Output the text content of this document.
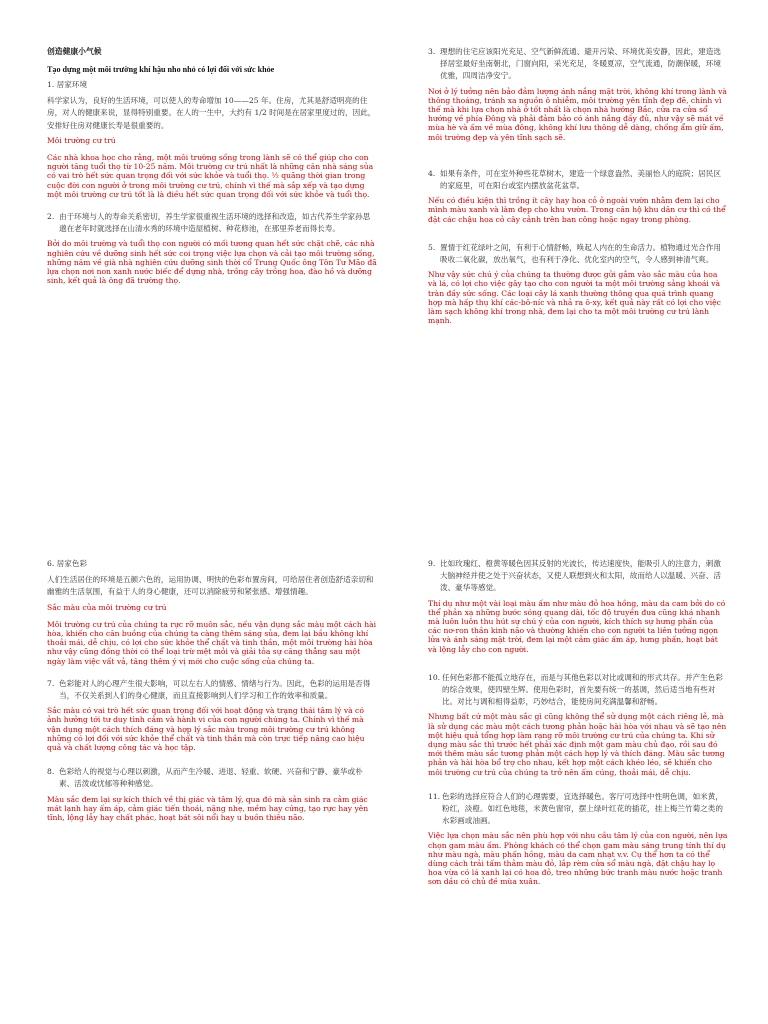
创造健康小气候

Tạo dựng một môi trường khí hậu nho nhỏ có lợi đối với sức khỏe

1. 居家环境

科学家认为，良好的生活环境，可以使人的寿命增加 10——25 年。住房，尤其是舒适明亮的住房，对人的健康来说，显得特别重要。在人的一生中，大约有 1/2 时间是在居家里度过的，因此，安排好住房对健康长寿是很重要的。

Môi trường cư trú

Các nhà khoa học cho rằng, một môi trường sống trong lành sẽ có thể giúp cho con người tăng tuổi thọ từ 10-25 năm. Môi trường cư trú nhất là những căn nhà sáng sủa có vai trò hết sức quan trọng đối với sức khỏe và tuổi thọ. ½ quãng thời gian trong cuộc đời con người ở trong môi trường cư trú, chính vì thế mà sắp xếp và tạo dựng một môi trường cư trú tốt là là điều hết sức quan trọng đối với sức khỏe và tuổi thọ.

2. 由于环境与人的寿命关系密切，养生学家很重视生活环境的选择和改造，如古代养生学家孙思邈在老年时就选择在山清水秀的环境中造屋植树、种花修池，在那里养老而得长寿。

Bởi do môi trường và tuổi thọ con người có mối tương quan hết sức chặt chẽ, các nhà nghiên cứu về dưỡng sinh hết sức coi trọng việc lựa chọn và cải tạo môi trường sống, những năm về già nhà nghiên cứu dưỡng sinh thời cổ Trung Quốc ông Tôn Tư Mão đã lựa chọn nơi non xanh nước biếc để dựng nhà, trồng cây trồng hoa, đào hồ và dưỡng sinh, kết quả là ông đã trường thọ.

3. 理想的住宅应该阳光充足、空气新鲜流通、避开污染、环境优美安静，因此，建造选择居室最好坐南朝北，门窗向阳，采光充足，冬暖夏凉，空气流通，防潮保暖，环境优雅，四周洁净安宁。

Nơi ở lý tưởng nên bảo đảm lượng ánh nắng mặt trời, không khí trong lành và thông thoáng, tránh xa nguồn ô nhiễm, môi trường yên tĩnh đẹp đẽ, chính vì thế mà khi lựa chọn nhà ở tốt nhất là chọn nhà hướng Bắc, cửa ra cửa sổ hướng về phía Đông và phải đảm bảo có ánh nắng đầy đủ, như vậy sẽ mát về mùa hè và ấm về mùa đông, không khí lưu thông dễ dàng, chống ẩm giữ ấm, môi trường đẹp và yên tĩnh sạch sẽ.

4. 如果有条件，可在室外种些花草树木，建造一个绿意盎然、美丽怡人的庭院；居民区的家庭里，可在阳台或室内摆放盆花盆草。

Nếu có điều kiện thì trồng ít cây hay hoa cỏ ở ngoài vườn nhằm đem lại cho mình màu xanh và làm đẹp cho khu vườn. Trong căn hộ khu dân cư thì có thể đặt các chậu hoa cỏ cây cảnh trên ban công hoặc ngay trong phòng.

5. 置情于红花绿叶之间，有利于心情舒畅，唤起人内在的生命活力。植物通过光合作用吸收二氧化碳，放出氧气，也有利于净化、优化室内的空气，令人感到神清气爽。

Như vậy sức chú ý của chúng ta thường được gửi gắm vào sắc màu của hoa và lá, có lợi cho việc gây tạo cho con người ta một môi trường sảng khoái và tràn đầy sức sống. Các loại cây lá xanh thường thông qua quá trình quang hợp mà hấp thụ khí các-bô-níc và nhả ra ô-xy, kết quả này rất có lợi cho việc làm sạch không khí trong nhà, đem lại cho ta một môi trường cư trú lành mạnh.

6. 居家色彩

人们生活居住的环境是五颜六色的，运用协调、明快的色彩布置房间，可给居住者创造舒适亲切和幽雅的生活氛围，有益于人的身心健康，还可以消除疲劳和紧张感、增强情趣。

Sắc màu của môi trường cư trú

Môi trường cư trú của chúng ta rực rỡ muôn sắc, nếu vận dụng sắc màu một cách hài hòa, khiến cho căn buồng của chúng ta càng thêm sáng sủa, đem lại bầu không khí thoải mái, dễ chịu, có lợi cho sức khỏe thể chất và tinh thần, một môi trường hài hòa như vậy cũng đồng thời có thể loại trừ mệt mỏi và giải tỏa sự căng thẳng sau một ngày làm việc vất vả, tăng thêm ý vị mới cho cuộc sống của chúng ta.

7. 色彩能对人的心理产生很大影响，可以左右人的情感、情绪与行为。因此，色彩的运用是否得当，不仅关系到人们的身心健康，而且直接影响到人们学习和工作的效率和质量。

Sắc màu có vai trò hết sức quan trọng đối với hoạt động và trạng thái tâm lý và có ảnh hưởng tới tư duy tình cảm và hành vi của con người chúng ta. Chính vì thế mà vận dụng một cách thích đáng và hợp lý sắc màu trong môi trường cư trú không những có lợi đối với sức khỏe thể chất và tinh thần mà còn trực tiếp nâng cao hiệu quả và chất lượng công tác và học tập.

8. 色彩给人的视觉与心理以刺激，从而产生冷暖、进退、轻重、软硬、兴奋和宁静、豪华或朴素、活泼或忧郁等种种感觉。

Màu sắc đem lại sự kích thích về thị giác và tâm lý, qua đó mà sản sinh ra cảm giác mát lạnh hay ấm áp, cảm giác tiến thoái, nặng nhẹ, mềm hay cứng, tạo rực hay yên tĩnh, lộng lẫy hay chất phác, hoạt bát sôi nổi hay u buồn thiêu não.

9. 比如玫瑰红、橙黄等暖色因其反射的光波长，传达速度快，能吸引人的注意力，刺激大脑神经并使之处于兴奋状态，又使人联想到火和太阳，故而给人以温暖、兴奋、活泼、豪华等感觉。

Thí dụ như một vài loại màu ấm như màu đỏ hoa hồng, màu da cam bởi do có thể phản xạ những bước sóng quang dài, tốc độ truyền đưa cũng khá nhanh mà luôn luôn thu hút sự chú ý của con người, kích thích sự hưng phấn của các nơ-ron thần kinh não và thường khiến cho con người ta liên tưởng ngọn lửa và ánh sáng mặt trời, đem lại một cảm giác ấm áp, hưng phấn, hoạt bát và lộng lẫy cho con người.

10. 任何色彩都不能孤立地存在，而是与其他色彩以对比或调和的形式共存。并产生色彩的综合效果，使四壁生辉。使用色彩时，首先要有统一的基调，然后适当地有些对比。对比与调和相得益彰，巧妙结合，能使房间充满温馨和舒畅。

Nhưng bất cứ một màu sắc gì cũng không thể sử dụng một cách riêng lẻ, mà là sử dụng các màu một cách tương phản hoặc hài hòa với nhau và sẽ tạo nên một hiệu quả tổng hợp làm rạng rỡ môi trường cư trú của chúng ta. Khi sử dụng màu sắc thì trước hết phải xác định một gam màu chủ đạo, rồi sau đó mới thêm màu sắc tương phản một cách hợp lý và thích đáng. Màu sắc tương phản và hài hòa bổ trợ cho nhau, kết hợp một cách khéo léo, sẽ khiến cho môi trường cư trú của chúng ta trở nên ấm cúng, thoải mái, dễ chịu.

11. 色彩的选择应符合人们的心理需要，宜选择暖色。客厅可选择中性明色调，如米黄，粉红，淡橙。如红色地毯，米黄色窗帘，摆上绿叶红花的插花，挂上梅兰竹菊之类的水彩画或油画。

Việc lựa chọn màu sắc nên phù hợp với nhu cầu tâm lý của con người, nên lựa chọn gam màu ấm. Phòng khách có thể chọn gam màu sáng trung tính thí dụ như màu ngà, màu phấn hồng, màu da cam nhạt v.v. Cụ thể hơn ta có thể dùng cách trải tấm thảm màu đỏ, lắp rèm cửa sổ màu ngà, đặt chậu hay lọ hoa vừa có lá xanh lại có hoa đỏ, treo những bức tranh màu nước hoặc tranh sơn dầu có chủ đề mùa xuân.
